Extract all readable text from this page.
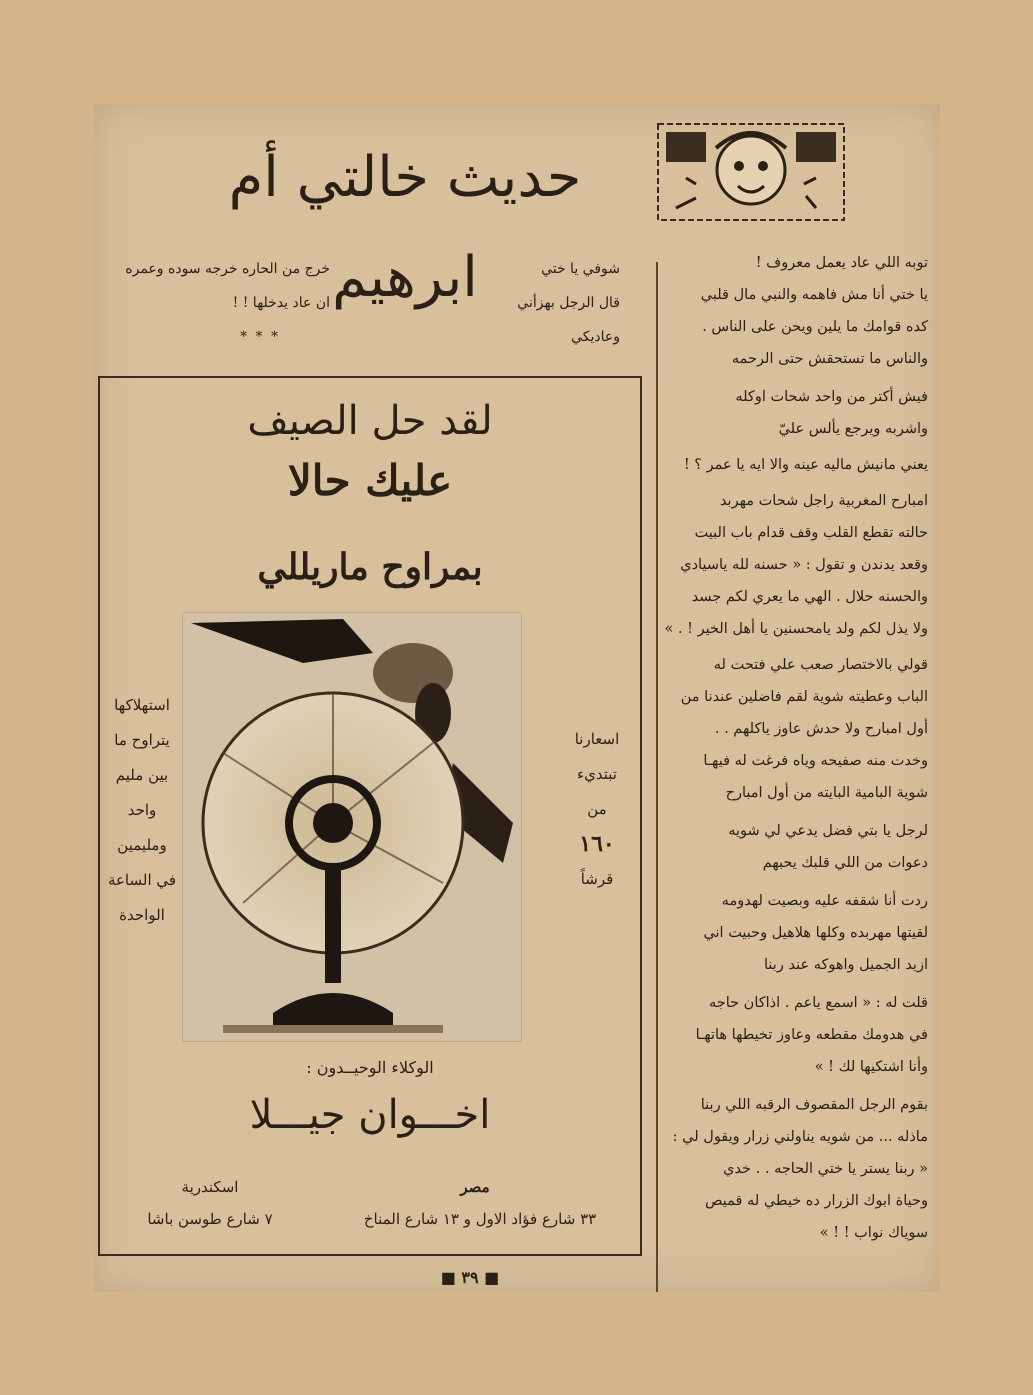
حديث خالتي أم ابرهيم	شوفي يا ختي
قال الرجل بهزأني
وعاديكي
خرج من الحاره خرجه سوده وعمره
ان عاد يدخلها ! !
* * *
توبه اللي عاد يعمل معروف !
يا ختي أنا مش فاهمه والنبي مال قلبي
كده قوامك ما يلين ويحن على الناس .
والناس ما تستحقش حتى الرحمه
فيش أكتر من واحد شحات اوكله
واشربه ويرجع يألس عليّ
يعني مانيش ماليه عينه والا ايه يا عمر ؟ !
امبارح المغربية راجل شحات مهربد
حالته تقطع القلب وقف قدام باب البيت
وقعد يدندن و تقول : « حسنه لله ياسيادي
والحسنه حلال . الهي ما يعري لكم جسد
ولا يذل لكم ولد يامحسنين يا أهل الخير ! . »
قولي بالاختصار صعب علي فتحت له
الباب وعطيته شوية لقم فاضلين عندنا من
أول امبارح ولا حدش عاوز ياكلهم . .
وخدت منه صفيحه وياه فرغت له فيهـا
شوية البامية البايته من أول امبارح
لرجل يا بتي فضل يدعي لي شويه
دعوات من اللي قلبك يحبهم
ردت أنا شقفه عليه وبصيت لهدومه
لقيتها مهربده وكلها هلاهيل وحبيت اني
ازيد الجميل واهوكه عند ربنا
قلت له : « اسمع ياعم . اذاكان حاجه
في هدومك مقطعه وعاوز تخيطها هاتهـا
وأنا اشتكيها لك ! »
بقوم الرجل المقصوف الرقبه اللي ربنا
ماذله ... من شويه يناولني زرار ويقول لي :
« ربنا يستر يا ختي الحاجه . . خدي
وحياة ابوك الزرار ده خيطي له قميص
سوياك نواب ! ! »
لقد حل الصيف
عليك حالا
بمراوح ماريللي
استهلاكها
يتراوح ما
بين مليم
واحد
ومليمين
في الساعة
الواحدة
اسعارنا
تبتديء
من
١٦٠
قرشاً
الوكلاء الوحيــدون :
اخـــوان جيـــلا
مصر
٣٣ شارع فؤاد الاول و ١٣ شارع المناخ
اسكندرية
٧ شارع طوسن باشا
■ ٣٩ ■
